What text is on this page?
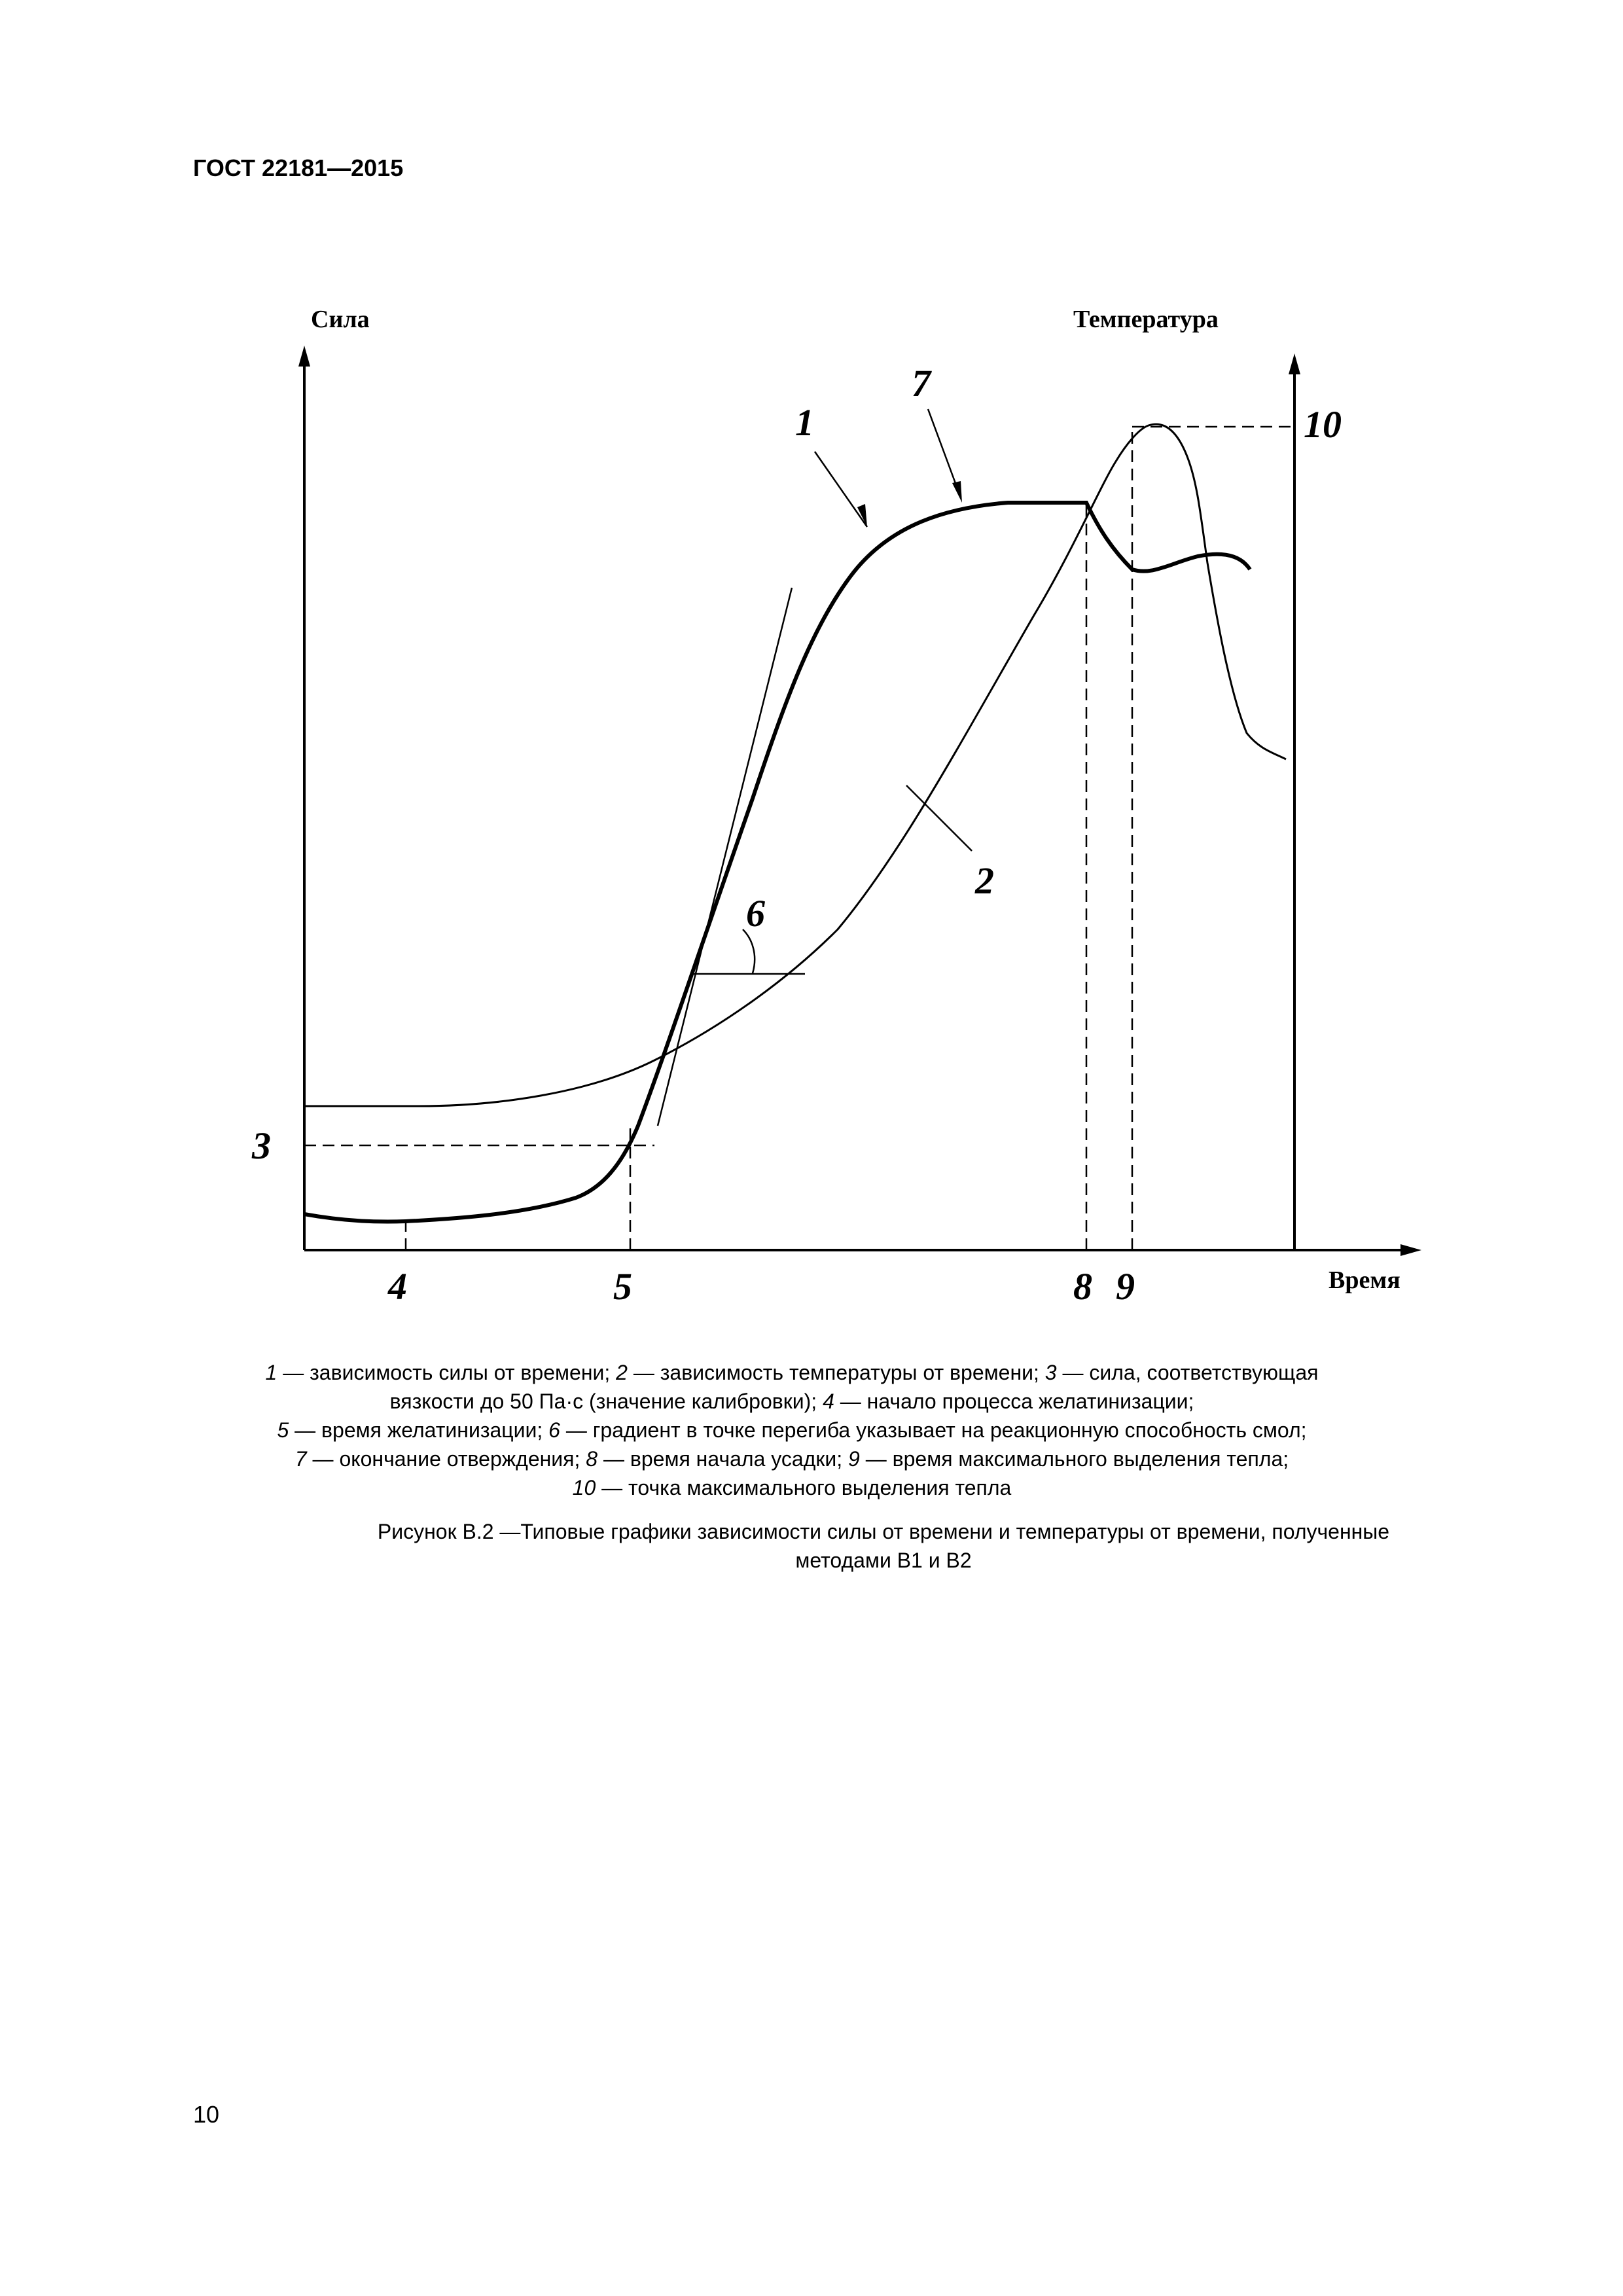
ГОСТ 22181—2015
Сила	Температура
Время
1
7
10
2
6
3
4	5	8 9
1 — зависимость силы от времени; 2 — зависимость температуры от времени; 3 — сила, соответствующая вязкости до 50 Па·с (значение калибровки); 4 — начало процесса желатинизации;
5 — время желатинизации; 6 — градиент в точке перегиба указывает на реакционную способность смол;
7 — окончание отверждения; 8 — время начала усадки; 9 — время максимального выделения тепла;
10 — точка максимального выделения тепла
Рисунок В.2 —Типовые графики зависимости силы от времени и температуры от времени, полученные
методами В1 и В2
10
